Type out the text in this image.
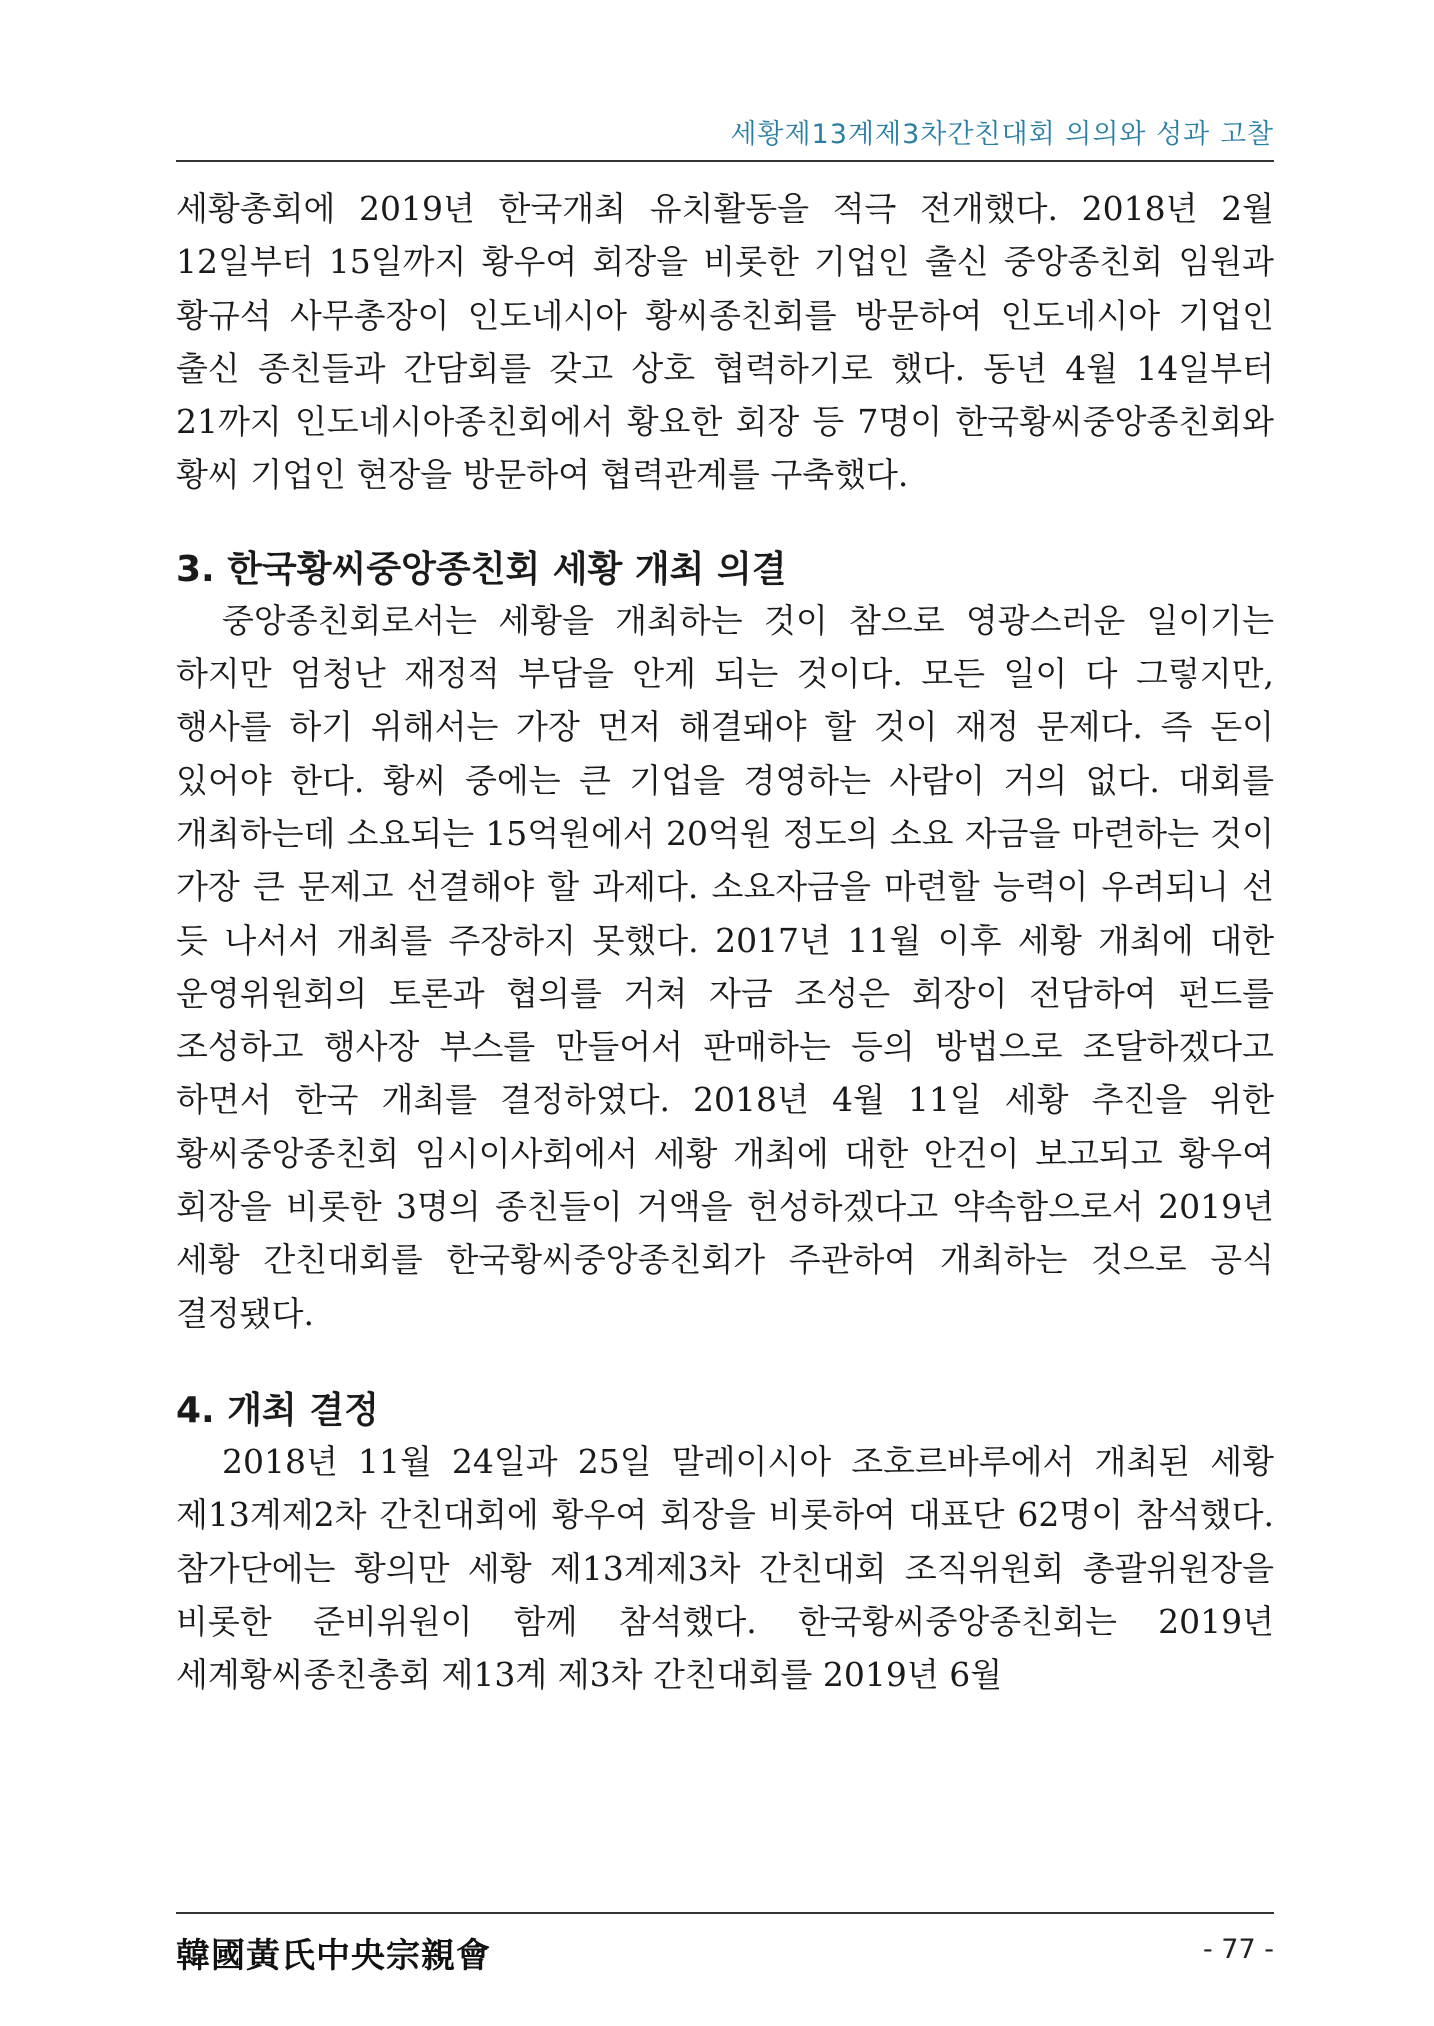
세황제13계제3차간친대회 의의와 성과 고찰

세황총회에 2019년 한국개최 유치활동을 적극 전개했다. 2018년 2월 12일부터 15일까지 황우여 회장을 비롯한 기업인 출신 중앙종친회 임원과 황규석 사무총장이 인도네시아 황씨종친회를 방문하여 인도네시아 기업인 출신 종친들과 간담회를 갖고 상호 협력하기로 했다. 동년 4월 14일부터 21까지 인도네시아종친회에서 황요한 회장 등 7명이 한국황씨중앙종친회와 황씨 기업인 현장을 방문하여 협력관계를 구축했다.

3. 한국황씨중앙종친회 세황 개최 의결

중앙종친회로서는 세황을 개최하는 것이 참으로 영광스러운 일이기는 하지만 엄청난 재정적 부담을 안게 되는 것이다. 모든 일이 다 그렇지만, 행사를 하기 위해서는 가장 먼저 해결돼야 할 것이 재정 문제다. 즉 돈이 있어야 한다. 황씨 중에는 큰 기업을 경영하는 사람이 거의 없다. 대회를 개최하는데 소요되는 15억원에서 20억원 정도의 소요 자금을 마련하는 것이 가장 큰 문제고 선결해야 할 과제다. 소요자금을 마련할 능력이 우려되니 선 듯 나서서 개최를 주장하지 못했다. 2017년 11월 이후 세황 개최에 대한 운영위원회의 토론과 협의를 거쳐 자금 조성은 회장이 전담하여 펀드를 조성하고 행사장 부스를 만들어서 판매하는 등의 방법으로 조달하겠다고 하면서 한국 개최를 결정하였다. 2018년 4월 11일 세황 추진을 위한 황씨중앙종친회 임시이사회에서 세황 개최에 대한 안건이 보고되고 황우여 회장을 비롯한 3명의 종친들이 거액을 헌성하겠다고 약속함으로서 2019년 세황 간친대회를 한국황씨중앙종친회가 주관하여 개최하는 것으로 공식 결정됐다.

4. 개최 결정

2018년 11월 24일과 25일 말레이시아 조호르바루에서 개최된 세황 제13계제2차 간친대회에 황우여 회장을 비롯하여 대표단 62명이 참석했다. 참가단에는 황의만 세황 제13계제3차 간친대회 조직위원회 총괄위원장을 비롯한 준비위원이 함께 참석했다. 한국황씨중앙종친회는 2019년 세계황씨종친총회 제13계 제3차 간친대회를 2019년 6월

韓國黃氏中央宗親會	- 77 -
